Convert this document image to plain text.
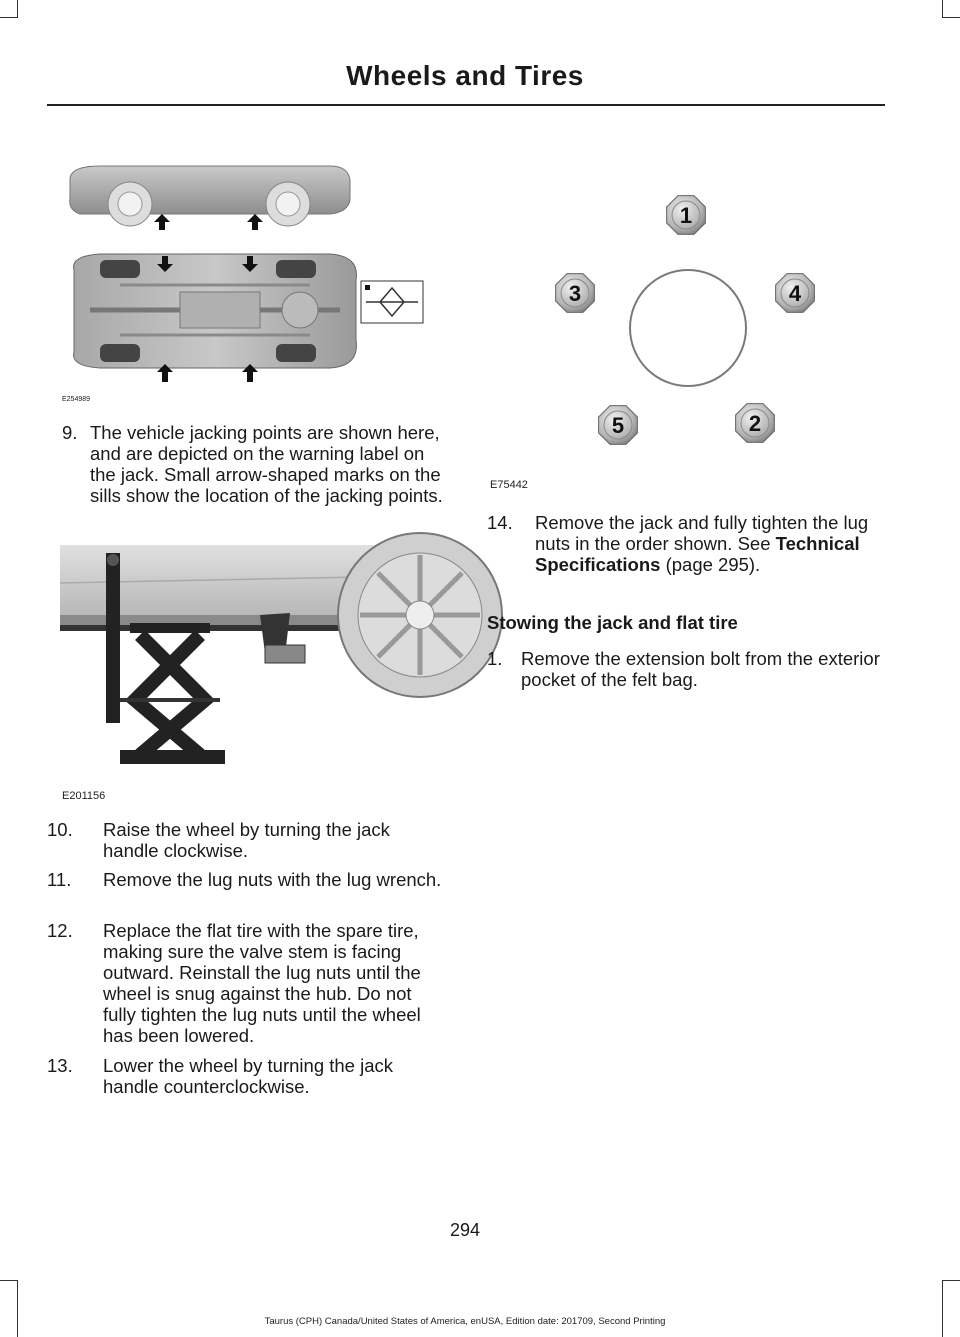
Wheels and Tires
E254989
9. The vehicle jacking points are shown here, and are depicted on the warning label on the jack. Small arrow-shaped marks on the sills show the location of the jacking points.
E201156
10.	Raise the wheel by turning the jack handle clockwise.
11.	Remove the lug nuts with the lug wrench.
12.	Replace the flat tire with the spare tire, making sure the valve stem is facing outward. Reinstall the lug nuts until the wheel is snug against the hub. Do not fully tighten the lug nuts until the wheel has been lowered.
13.	Lower the wheel by turning the jack handle counterclockwise.
1
2
3	4
5
E75442
14.	Remove the jack and fully tighten the lug nuts in the order shown. See Technical Specifications (page 295).
Stowing the jack and flat tire
1.	Remove the extension bolt from the exterior pocket of the felt bag.
294
Taurus (CPH) Canada/United States of America, enUSA, Edition date: 201709, Second Printing
